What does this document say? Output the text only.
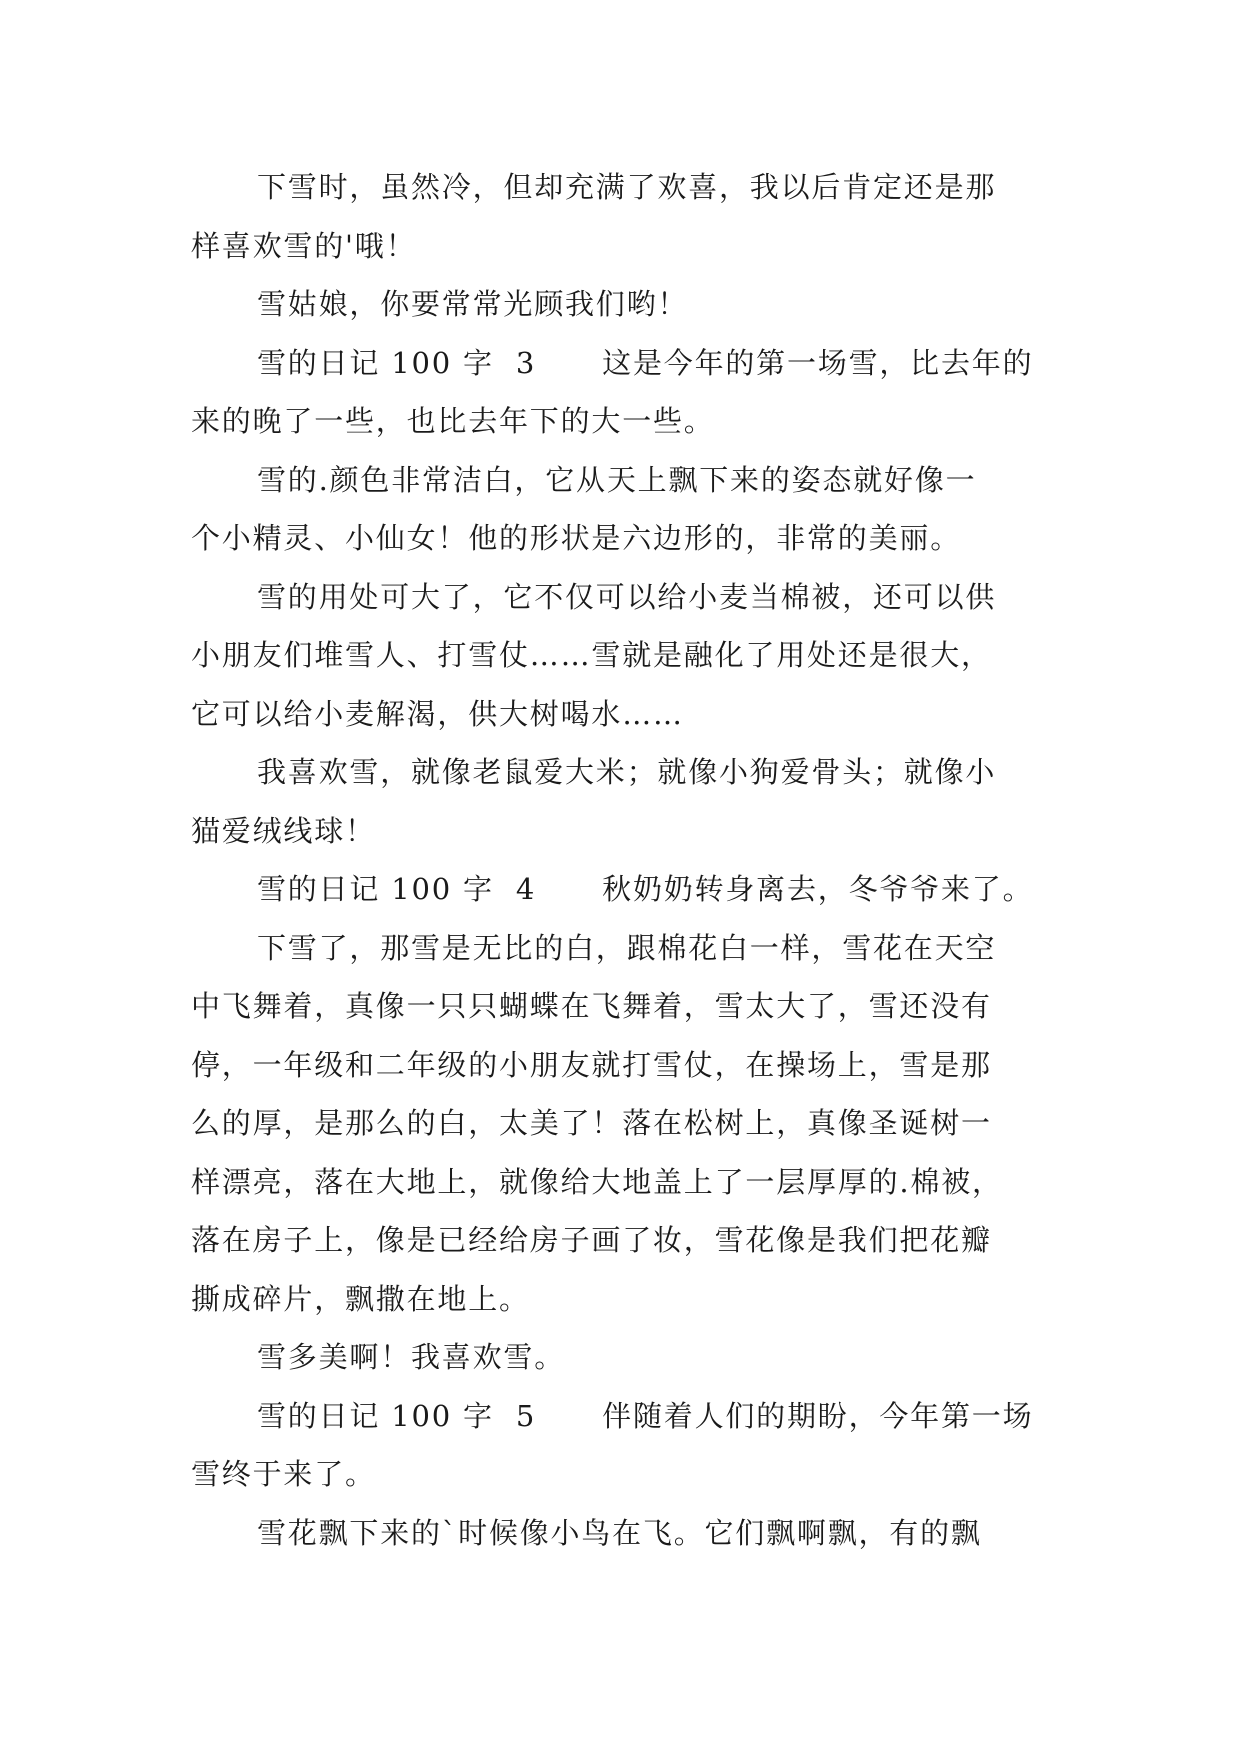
下雪时，虽然冷，但却充满了欢喜，我以后肯定还是那
样喜欢雪的'哦！
雪姑娘，你要常常光顾我们哟！
雪的日记 100 字  3      这是今年的第一场雪，比去年的
来的晚了一些，也比去年下的大一些。
雪的.颜色非常洁白，它从天上飘下来的姿态就好像一
个小精灵、小仙女！他的形状是六边形的，非常的美丽。
雪的用处可大了，它不仅可以给小麦当棉被，还可以供
小朋友们堆雪人、打雪仗……雪就是融化了用处还是很大，
它可以给小麦解渴，供大树喝水……
我喜欢雪，就像老鼠爱大米；就像小狗爱骨头；就像小
猫爱绒线球！
雪的日记 100 字  4      秋奶奶转身离去，冬爷爷来了。
下雪了，那雪是无比的白，跟棉花白一样，雪花在天空
中飞舞着，真像一只只蝴蝶在飞舞着，雪太大了，雪还没有
停，一年级和二年级的小朋友就打雪仗，在操场上，雪是那
么的厚，是那么的白，太美了！落在松树上，真像圣诞树一
样漂亮，落在大地上，就像给大地盖上了一层厚厚的.棉被，
落在房子上，像是已经给房子画了妆，雪花像是我们把花瓣
撕成碎片，飘撒在地上。
雪多美啊！我喜欢雪。
雪的日记 100 字  5      伴随着人们的期盼，今年第一场
雪终于来了。
雪花飘下来的`时候像小鸟在飞。它们飘啊飘，有的飘
